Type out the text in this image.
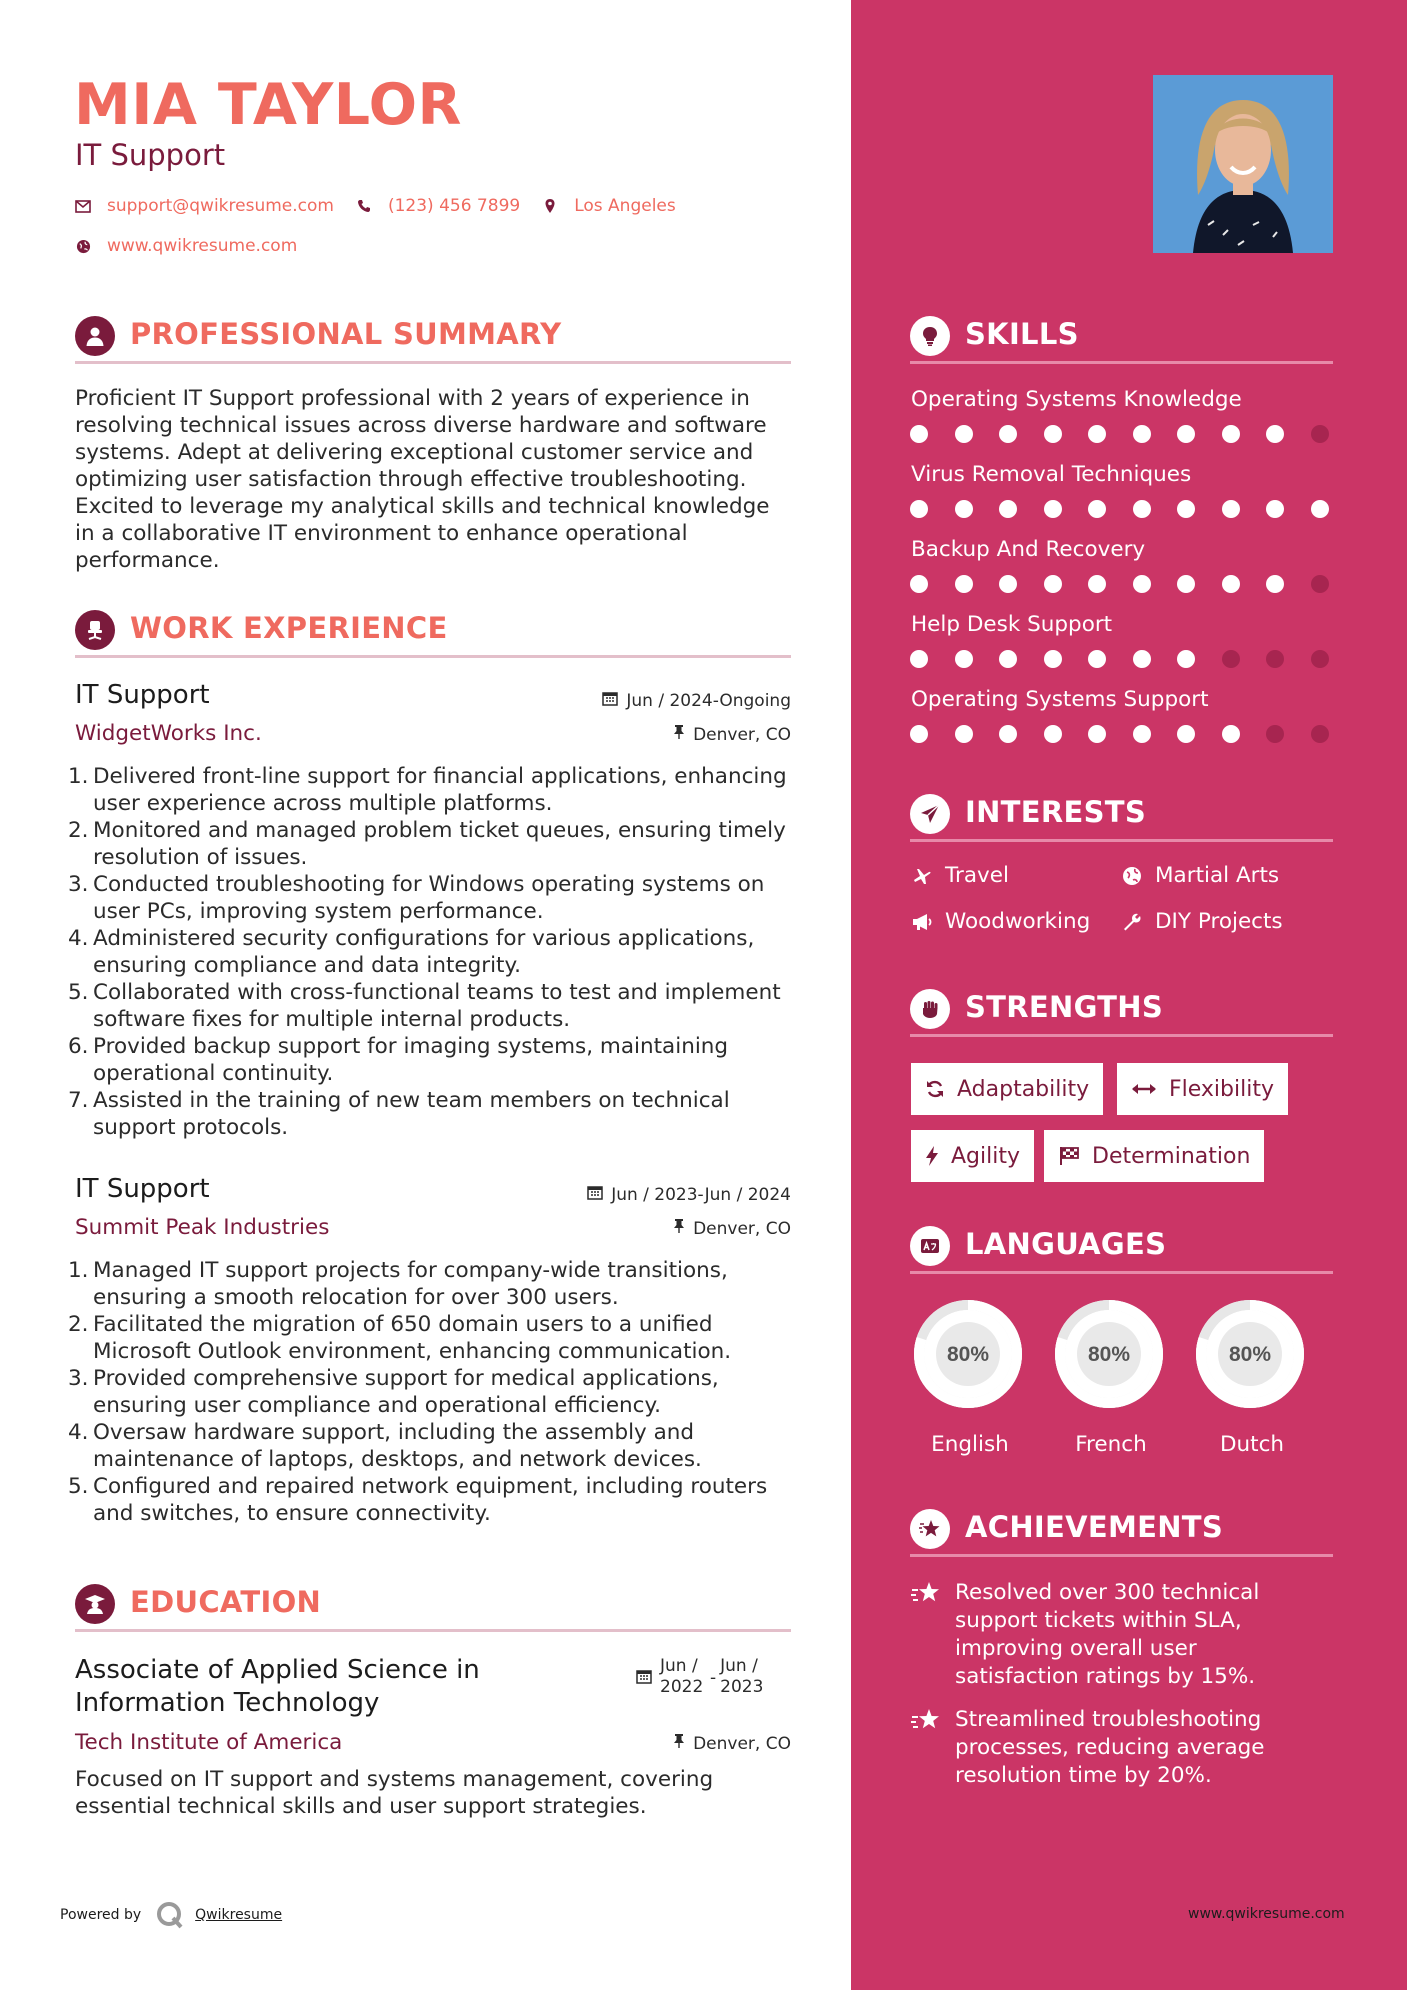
MIA TAYLOR
IT Support
support@qwikresume.com	(123) 456 7899	Los Angeles
www.qwikresume.com
PROFESSIONAL SUMMARY
Proficient IT Support professional with 2 years of experience in resolving technical issues across diverse hardware and software systems. Adept at delivering exceptional customer service and optimizing user satisfaction through effective troubleshooting. Excited to leverage my analytical skills and technical knowledge in a collaborative IT environment to enhance operational performance.
WORK EXPERIENCE
IT Support	Jun / 2024-Ongoing
WidgetWorks Inc.	Denver, CO
1. Delivered front-line support for financial applications, enhancing user experience across multiple platforms.
2. Monitored and managed problem ticket queues, ensuring timely resolution of issues.
3. Conducted troubleshooting for Windows operating systems on user PCs, improving system performance.
4. Administered security configurations for various applications, ensuring compliance and data integrity.
5. Collaborated with cross-functional teams to test and implement software fixes for multiple internal products.
6. Provided backup support for imaging systems, maintaining operational continuity.
7. Assisted in the training of new team members on technical support protocols.
IT Support	Jun / 2023-Jun / 2024
Summit Peak Industries	Denver, CO
1. Managed IT support projects for company-wide transitions, ensuring a smooth relocation for over 300 users.
2. Facilitated the migration of 650 domain users to a unified Microsoft Outlook environment, enhancing communication.
3. Provided comprehensive support for medical applications, ensuring user compliance and operational efficiency.
4. Oversaw hardware support, including the assembly and maintenance of laptops, desktops, and network devices.
5. Configured and repaired network equipment, including routers and switches, to ensure connectivity.
EDUCATION
Associate of Applied Science in Information Technology
Jun /
2022 -
Jun /
2023
Tech Institute of America	Denver, CO
Focused on IT support and systems management, covering essential technical skills and user support strategies.
Powered by	Qwikresume
SKILLS
Operating Systems Knowledge
Virus Removal Techniques
Backup And Recovery
Help Desk Support
Operating Systems Support
INTERESTS
Travel	Martial Arts
Woodworking	DIY Projects
STRENGTHS
Adaptability	Flexibility
Agility	Determination
LANGUAGES
80%
English
80%
French
80%
Dutch
ACHIEVEMENTS
Resolved over 300 technical support tickets within SLA, improving overall user satisfaction ratings by 15%.
Streamlined troubleshooting processes, reducing average resolution time by 20%.
www.qwikresume.com
